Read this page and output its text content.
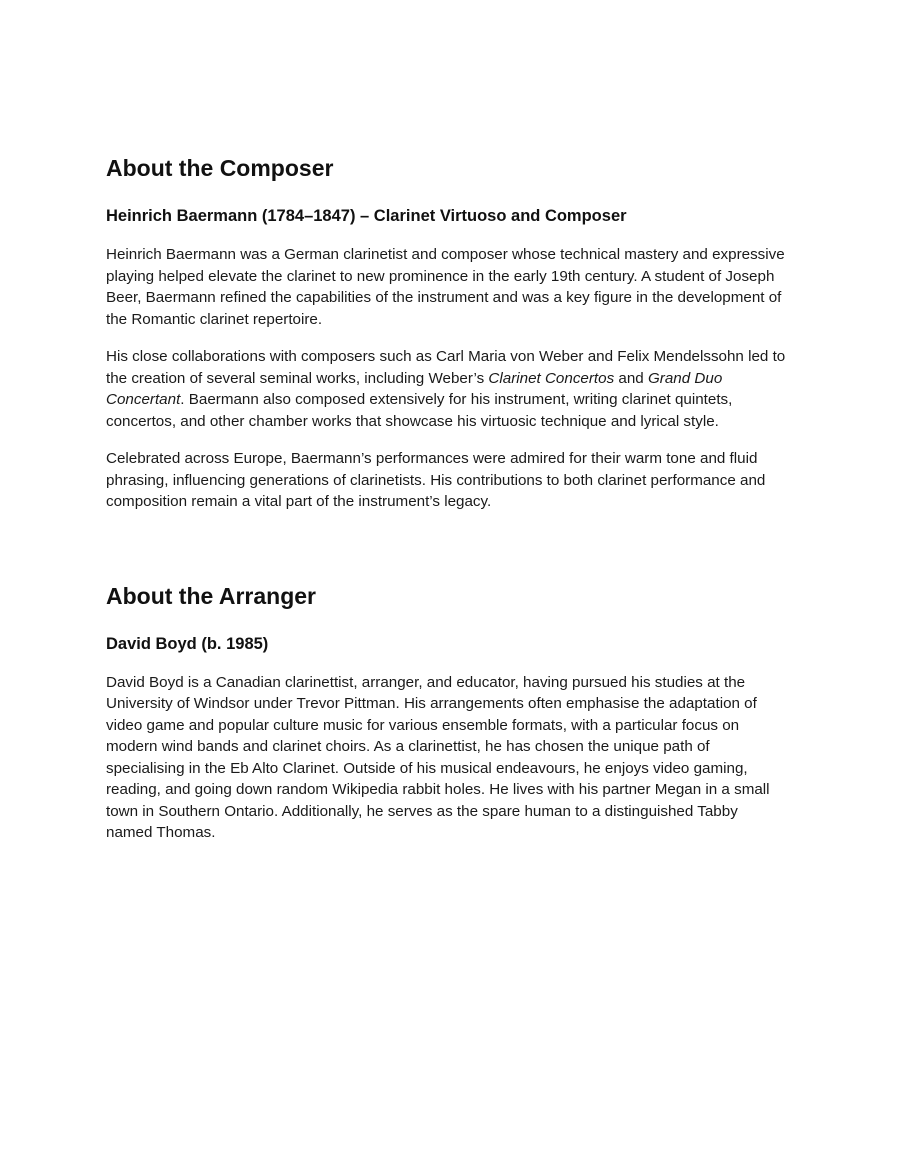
About the Composer
Heinrich Baermann (1784–1847) – Clarinet Virtuoso and Composer

Heinrich Baermann was a German clarinetist and composer whose technical mastery and expressive playing helped elevate the clarinet to new prominence in the early 19th century. A student of Joseph Beer, Baermann refined the capabilities of the instrument and was a key figure in the development of the Romantic clarinet repertoire.

His close collaborations with composers such as Carl Maria von Weber and Felix Mendelssohn led to the creation of several seminal works, including Weber’s Clarinet Concertos and Grand Duo Concertant. Baermann also composed extensively for his instrument, writing clarinet quintets, concertos, and other chamber works that showcase his virtuosic technique and lyrical style.

Celebrated across Europe, Baermann’s performances were admired for their warm tone and fluid phrasing, influencing generations of clarinetists. His contributions to both clarinet performance and composition remain a vital part of the instrument’s legacy.

About the Arranger
David Boyd (b. 1985)

David Boyd is a Canadian clarinettist, arranger, and educator, having pursued his studies at the University of Windsor under Trevor Pittman. His arrangements often emphasise the adaptation of video game and popular culture music for various ensemble formats, with a particular focus on modern wind bands and clarinet choirs. As a clarinettist, he has chosen the unique path of specialising in the Eb Alto Clarinet. Outside of his musical endeavours, he enjoys video gaming, reading, and going down random Wikipedia rabbit holes. He lives with his partner Megan in a small town in Southern Ontario. Additionally, he serves as the spare human to a distinguished Tabby named Thomas.
